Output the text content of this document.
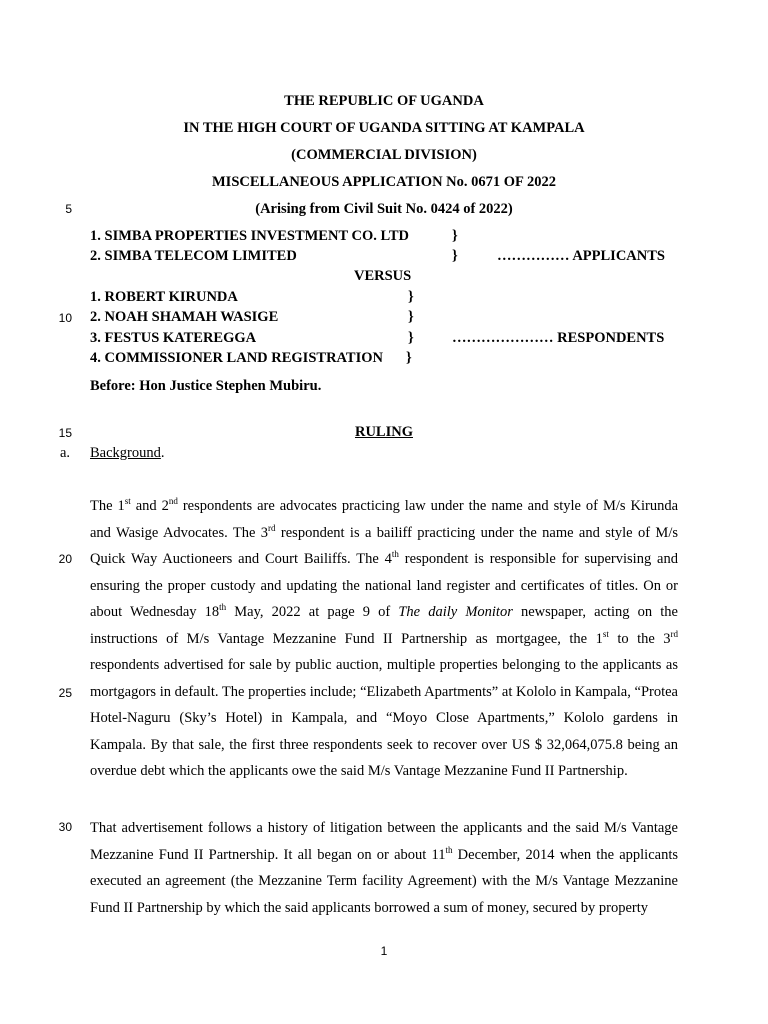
5
10
15
20
25
30
THE REPUBLIC OF UGANDA
IN THE HIGH COURT OF UGANDA SITTING AT KAMPALA
(COMMERCIAL DIVISION)
MISCELLANEOUS APPLICATION No. 0671 OF 2022
(Arising from Civil Suit No. 0424 of 2022)
1. SIMBA PROPERTIES INVESTMENT CO. LTD	}
2. SIMBA TELECOM LIMITED	}	…………… APPLICANTS
VERSUS
1. ROBERT KIRUNDA	}
2. NOAH SHAMAH WASIGE	}
3. FESTUS KATEREGGA	}	………………… RESPONDENTS
4. COMMISSIONER LAND REGISTRATION }
Before: Hon Justice Stephen Mubiru.
RULING
a. Background.
The 1st and 2nd respondents are advocates practicing law under the name and style of M/s Kirunda and Wasige Advocates. The 3rd respondent is a bailiff practicing under the name and style of M/s Quick Way Auctioneers and Court Bailiffs. The 4th respondent is responsible for supervising and ensuring the proper custody and updating the national land register and certificates of titles. On or about Wednesday 18th May, 2022 at page 9 of The daily Monitor newspaper, acting on the instructions of M/s Vantage Mezzanine Fund II Partnership as mortgagee, the 1st to the 3rd respondents advertised for sale by public auction, multiple properties belonging to the applicants as mortgagors in default. The properties include; “Elizabeth Apartments” at Kololo in Kampala, “Protea Hotel-Naguru (Sky’s Hotel) in Kampala, and “Moyo Close Apartments,” Kololo gardens in Kampala. By that sale, the first three respondents seek to recover over US $ 32,064,075.8 being an overdue debt which the applicants owe the said M/s Vantage Mezzanine Fund II Partnership.
That advertisement follows a history of litigation between the applicants and the said M/s Vantage Mezzanine Fund II Partnership. It all began on or about 11th December, 2014 when the applicants executed an agreement (the Mezzanine Term facility Agreement) with the M/s Vantage Mezzanine Fund II Partnership by which the said applicants borrowed a sum of money, secured by property
1
